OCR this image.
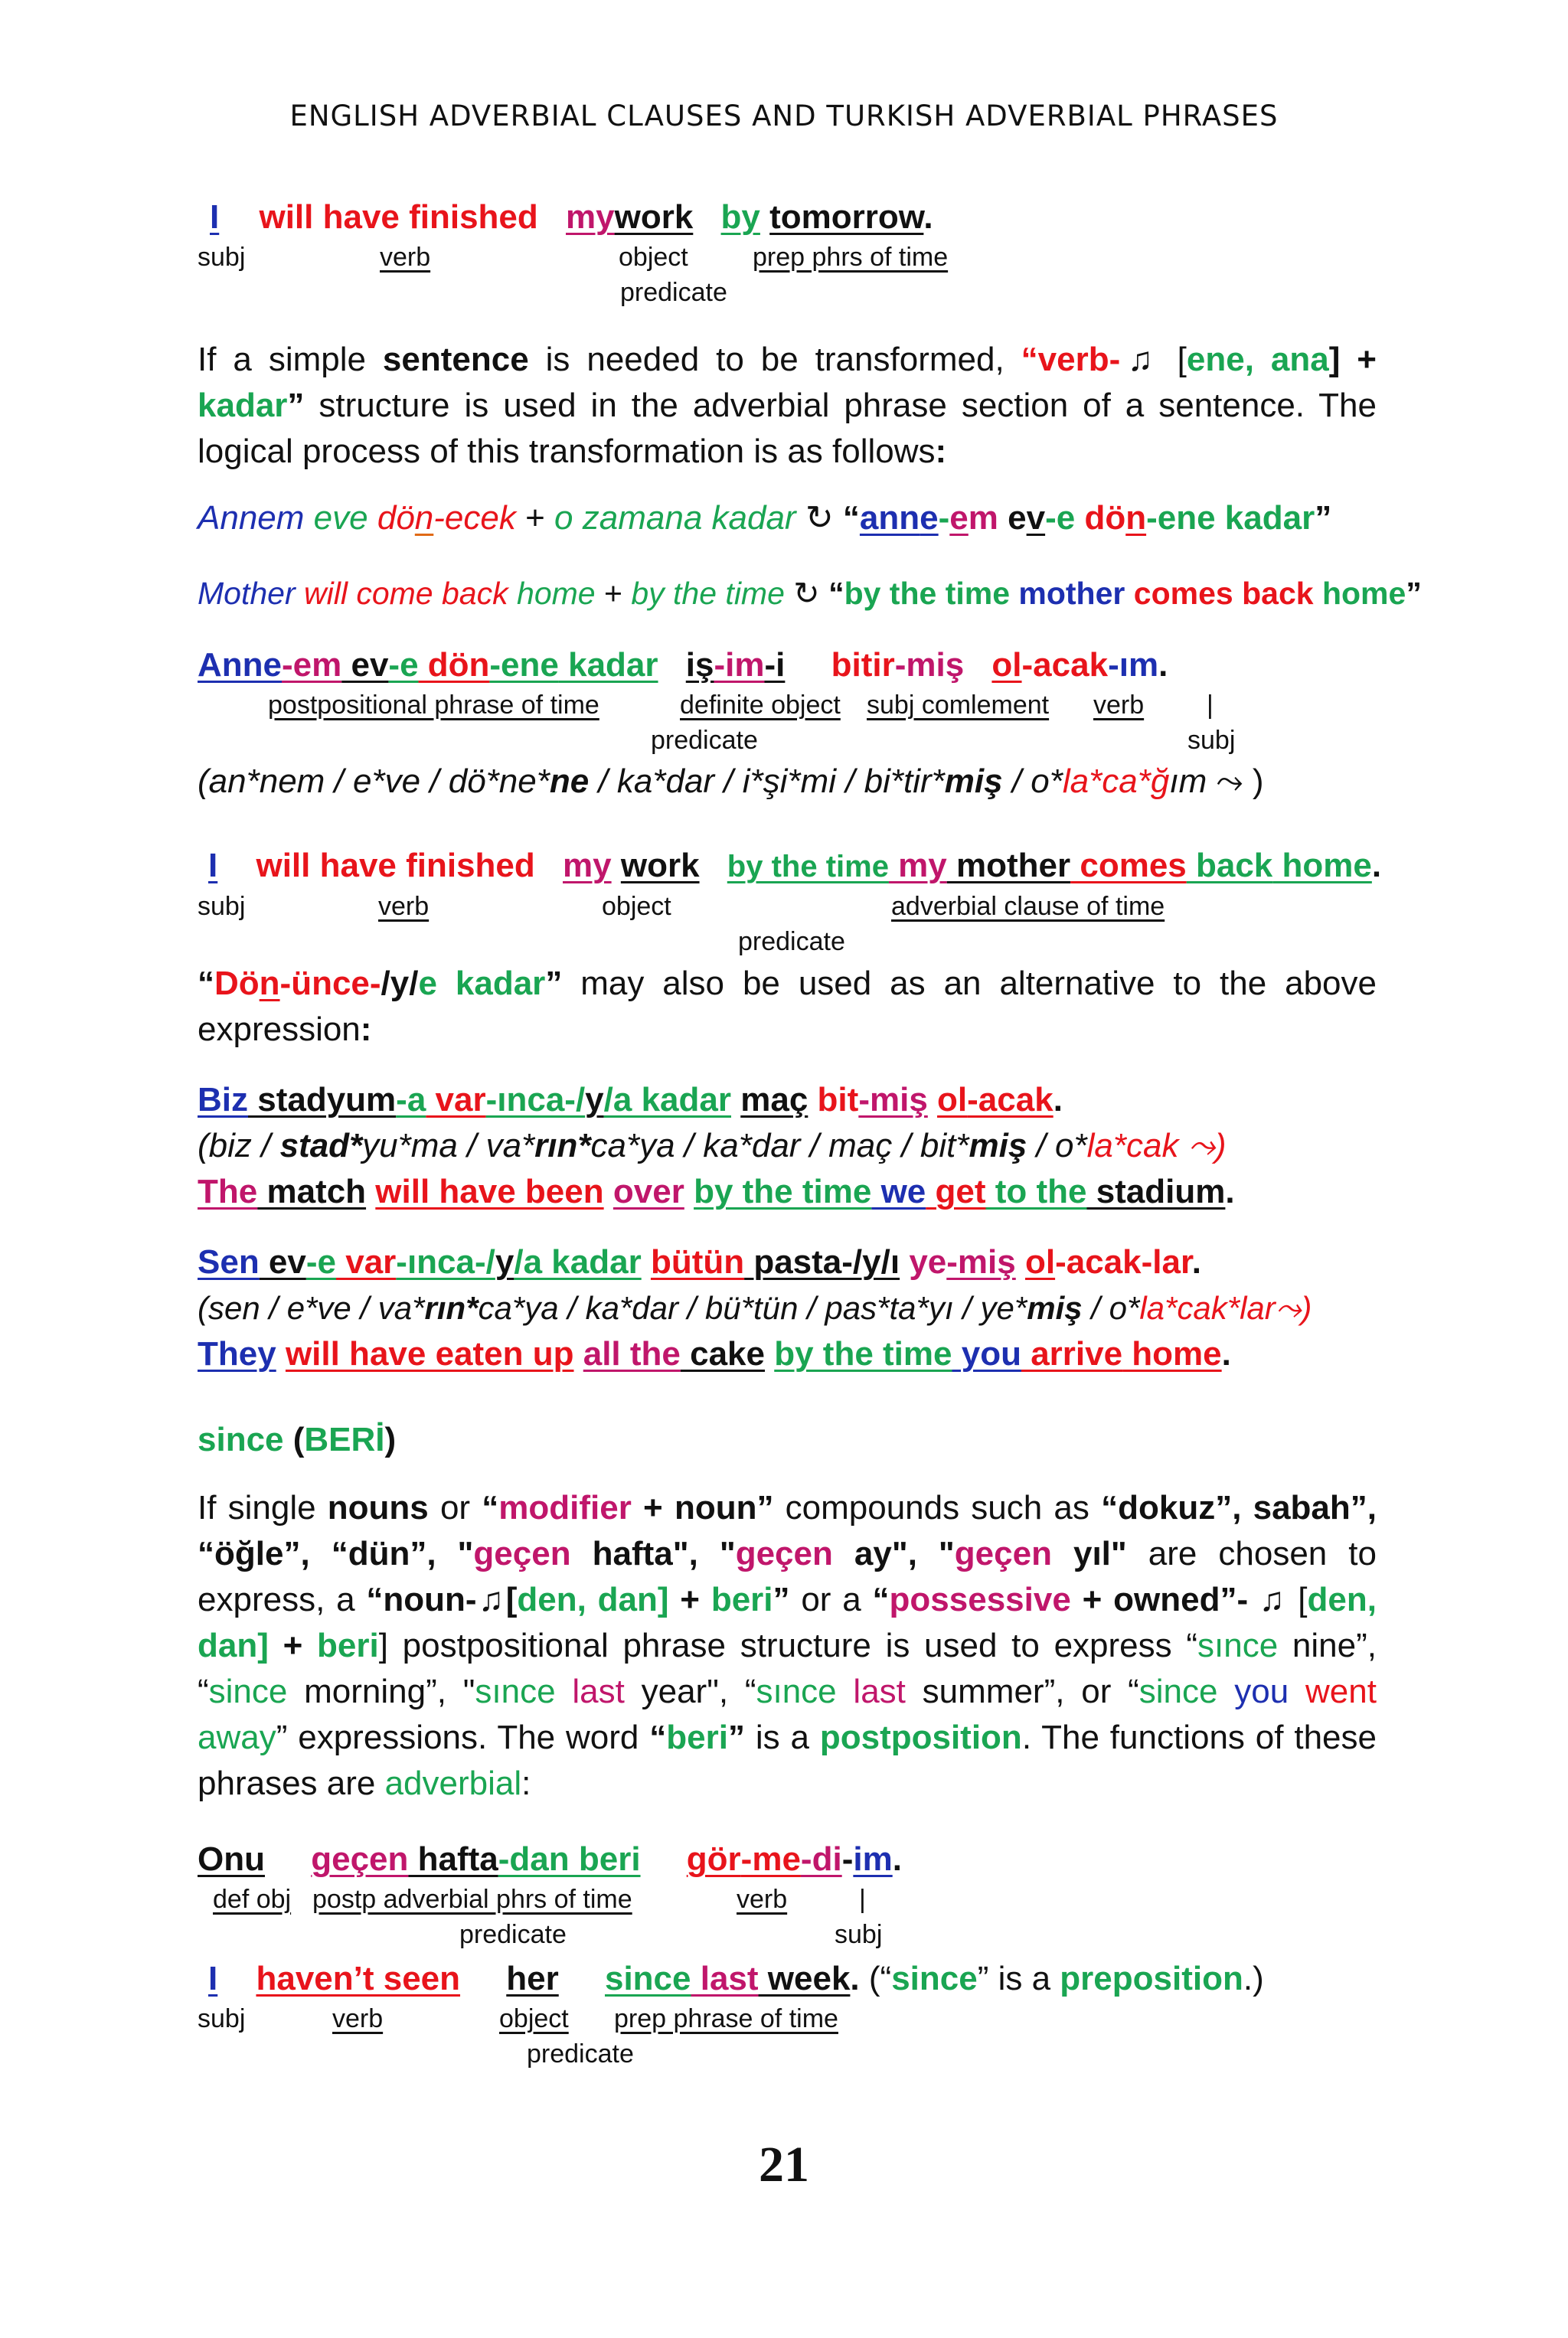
ENGLISH ADVERBIAL CLAUSES AND TURKISH ADVERBIAL PHRASES
I will have finished mywork by tomorrow.
subj	verb	object prep phrs of time
predicate
If a simple sentence is needed to be transformed, “verb-♫ [ene, ana] + kadar” structure is used in the adverbial phrase section of a sentence. The logical process of this transformation is as follows:
Annem eve dön-ecek + o zamana kadar ↻ “anne-em ev-e dön-ene kadar”
Mother will come back home + by the time ↻ “by the time mother comes back home”
Anne-em ev-e dön-ene kadar iş-im-i bitir-miş ol-acak-ım.
postpositional phrase of time	definite object subj comlement verb |
predicate	subj
(an*nem / e*ve / dö*ne*ne / ka*dar / i*şi*mi / bi*tir*miş / o*la*ca*ğım ⤳ )
I will have finished my work by the time my mother comes back home.
subj	verb	object	adverbial clause of time
predicate
“Dön-ünce-/y/e kadar” may also be used as an alternative to the above expression:
Biz stadyum-a var-ınca-/y/a kadar maç bit-miş ol-acak.
(biz / stad*yu*ma / va*rın*ca*ya / ka*dar / maç / bit*miş / o*la*cak ⤳)
The match will have been over by the time we get to the stadium.
Sen ev-e var-ınca-/y/a kadar bütün pasta-/y/ı ye-miş ol-acak-lar.
(sen / e*ve / va*rın*ca*ya / ka*dar / bü*tün / pas*ta*yı / ye*miş / o*la*cak*lar⤳)
They will have eaten up all the cake by the time you arrive home.
since (BERİ)
If single nouns or “modifier + noun” compounds such as “dokuz”, sabah”, “öğle”, “dün”, "geçen hafta", "geçen ay", "geçen yıl" are chosen to express, a “noun-♫[den, dan] + beri” or a “possessive + owned”- ♫ [den, dan] + beri] postpositional phrase structure is used to express “sınce nine”, “since morning”, "sınce last year", “sınce last summer”, or “since you went away” expressions. The word “beri” is a postposition. The functions of these phrases are adverbial:
Onu geçen hafta-dan beri gör-me-di-im.
def obj postp adverbial phrs of time	verb	|
predicate	subj
I haven’t seen her since last week. (“since” is a preposition.)
subj	verb	object prep phrase of time
predicate
21
